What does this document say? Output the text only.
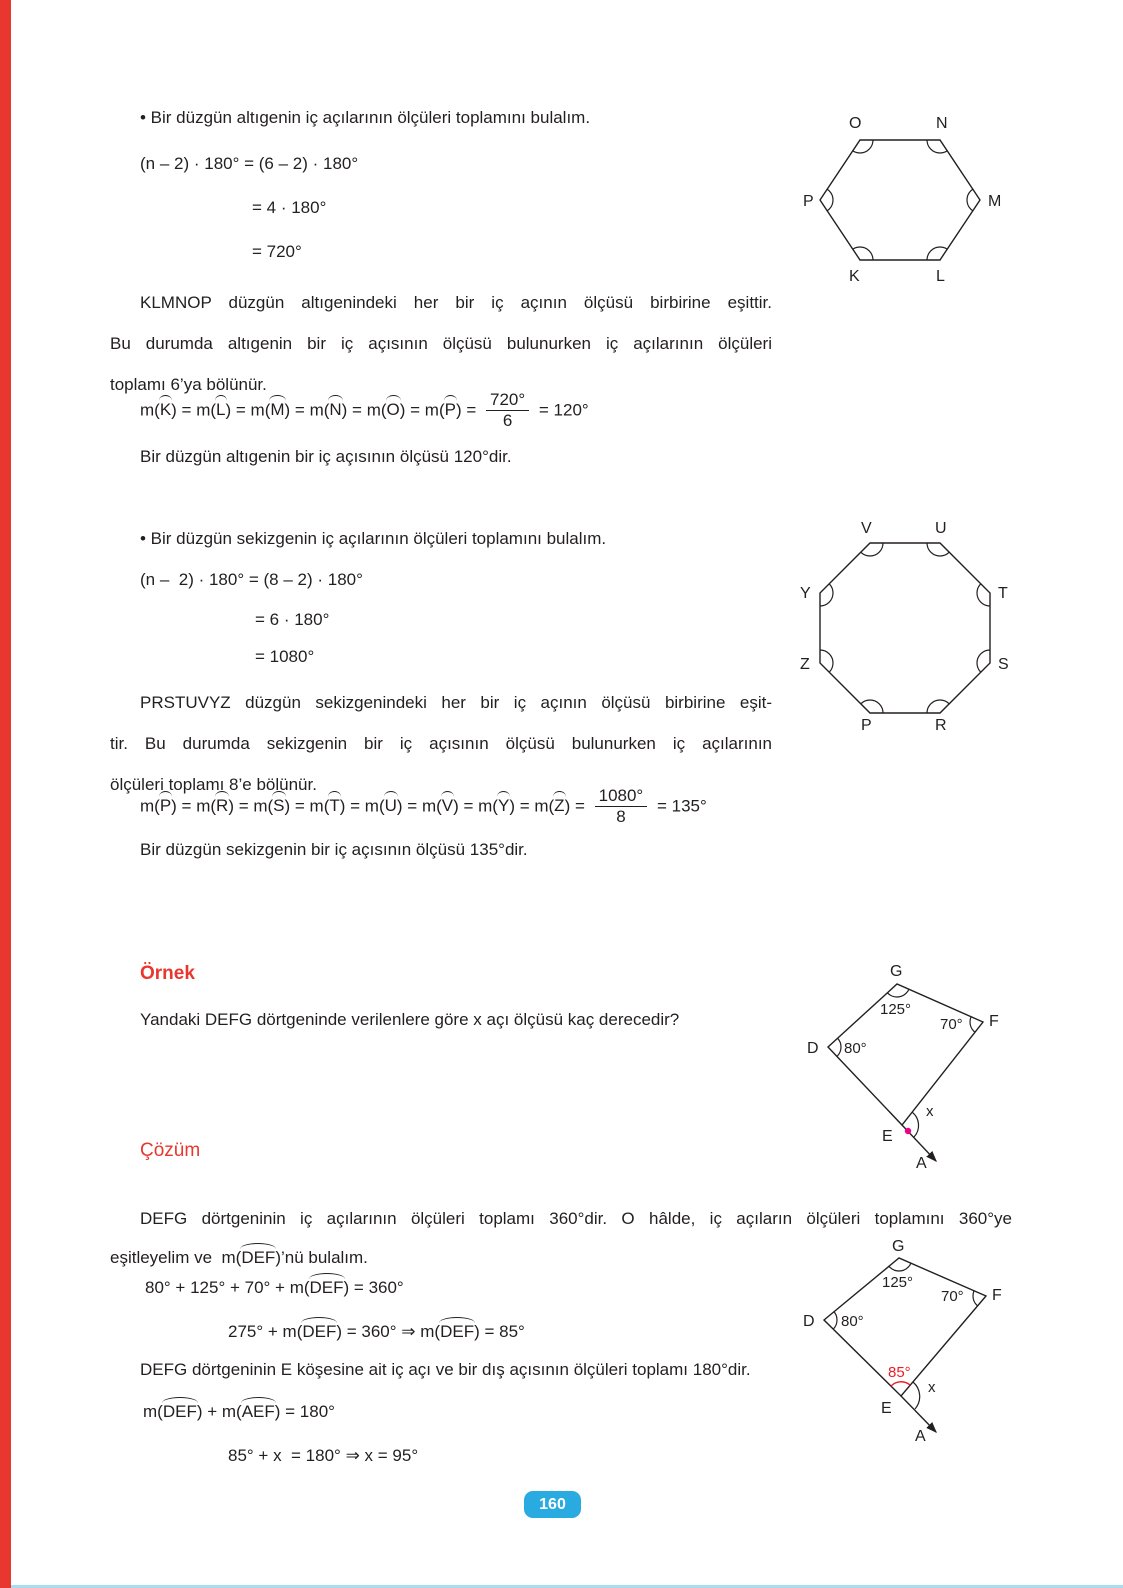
• Bir düzgün altıgenin iç açılarının ölçüleri toplamını bulalım.
(n – 2) · 180° = (6 – 2) · 180°
= 4 · 180°
= 720°
KLMNOP düzgün altıgenindeki her bir iç açının ölçüsü birbirine eşittir.
Bu durumda altıgenin bir iç açısının ölçüsü bulunurken iç açılarının ölçüleri
toplamı 6’ya bölünür.
$m(K) = m(L) = m(M) = m(N) = m(O) = m(P) = \frac{720^\circ}{6} = 120^\circ$
Bir düzgün altıgenin bir iç açısının ölçüsü 120°dir.
O	N
M
L
K
P
• Bir düzgün sekizgenin iç açılarının ölçüleri toplamını bulalım.
(n –  2) · 180° = (8 – 2) · 180°
= 6 · 180°
= 1080°
PRSTUVYZ düzgün sekizgenindeki her bir iç açının ölçüsü birbirine eşit-
tir. Bu durumda sekizgenin bir iç açısının ölçüsü bulunurken iç açılarının
ölçüleri toplamı 8’e bölünür.
$m(P) = m(R) = m(S) = m(T) = m(U) = m(V) = m(Y) = m(Z) = \frac{1080^\circ}{8} = 135^\circ$
Bir düzgün sekizgenin bir iç açısının ölçüsü 135°dir.
V	U
T
S
R
P
Z
Y
Örnek
Yandaki DEFG dörtgeninde verilenlere göre x açı ölçüsü kaç derecedir?
G
F
D
E
A
125°
70°
80°
x
Çözüm
DEFG dörtgeninin iç açılarının ölçüleri toplamı 360°dir. O hâlde, iç açıların ölçüleri toplamını 360°ye
eşitleyelim ve  m(DEF)’nü bulalım.
80° + 125° + 70° + m(DEF) = 360°
275° + m(DEF) = 360° ⇒ m(DEF) = 85°
DEFG dörtgeninin E köşesine ait iç açı ve bir dış açısının ölçüleri toplamı 180°dir.
m(DEF) + m(AEF) = 180°
85° + x  = 180° ⇒ x = 95°
G
F
D
E
A
125°
70°
80°
85°
x
160
